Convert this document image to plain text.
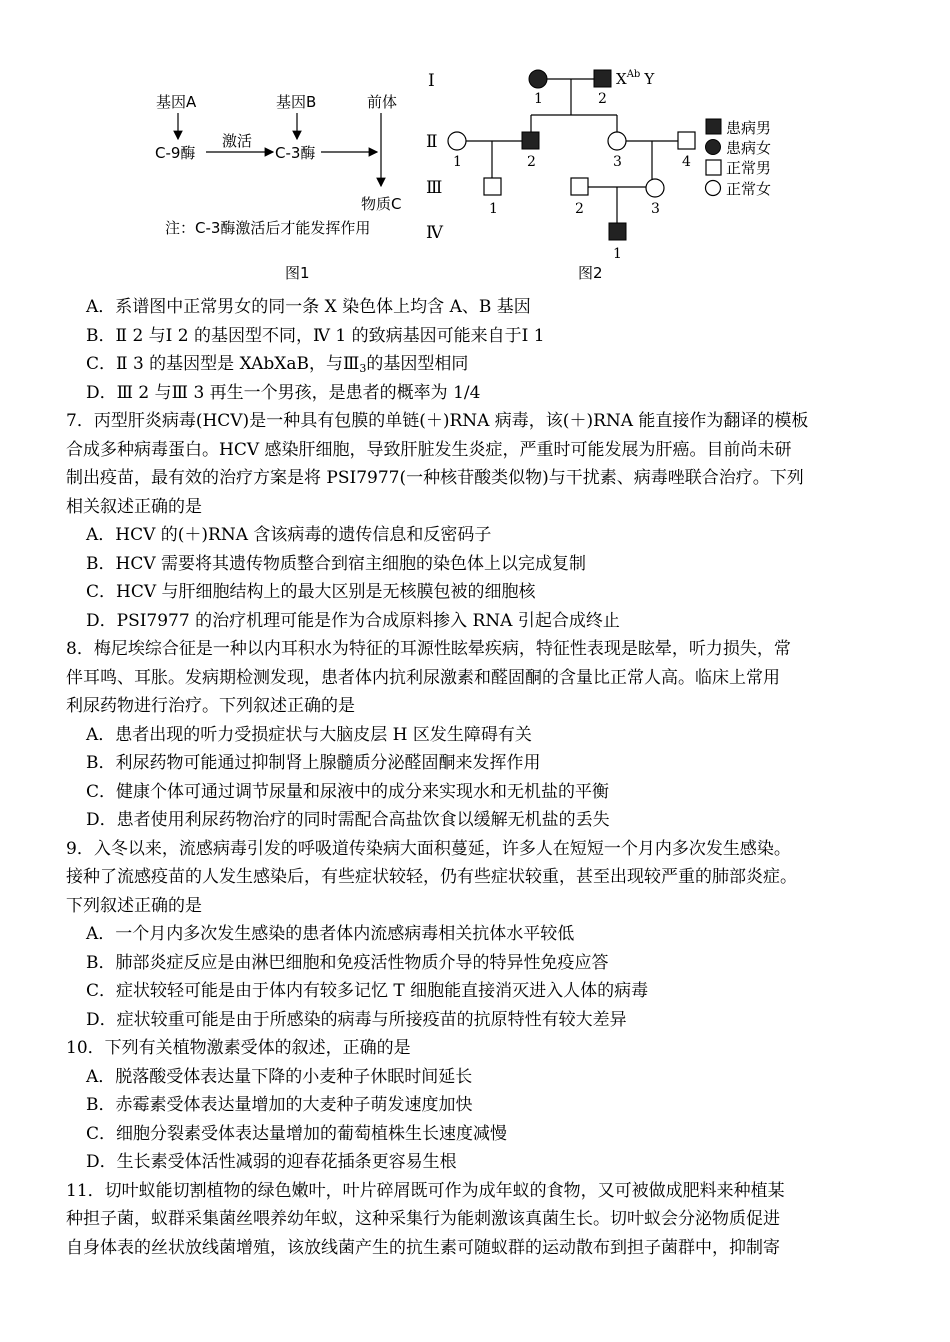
基因A	基因B	前体
C-9酶
激活
C-3酶
物质C
注：C-3酶激活后才能发挥作用
图1
Ⅰ
Ⅱ
Ⅲ
Ⅳ
1	2
$X^{Ab}$ Y
1	2	3	4
1	2	3
1
患病男
患病女
正常男
正常女
图2
A．系谱图中正常男女的同一条 X 染色体上均含 A、B 基因
B．Ⅱ 2 与Ⅰ 2 的基因型不同，Ⅳ 1 的致病基因可能来自于Ⅰ 1
C．Ⅱ 3 的基因型是 XAbXaB，与$Ⅲ_3$的基因型相同
D．Ⅲ 2 与Ⅲ 3 再生一个男孩，是患者的概率为 1/4
7．丙型肝炎病毒(HCV)是一种具有包膜的单链(＋)RNA 病毒，该(＋)RNA 能直接作为翻译的模板
合成多种病毒蛋白。HCV 感染肝细胞，导致肝脏发生炎症，严重时可能发展为肝癌。目前尚未研
制出疫苗，最有效的治疗方案是将 PSI7977(一种核苷酸类似物)与干扰素、病毒唑联合治疗。下列
相关叙述正确的是
A．HCV 的(＋)RNA 含该病毒的遗传信息和反密码子
B．HCV 需要将其遗传物质整合到宿主细胞的染色体上以完成复制
C．HCV 与肝细胞结构上的最大区别是无核膜包被的细胞核
D．PSI7977 的治疗机理可能是作为合成原料掺入 RNA 引起合成终止
8．梅尼埃综合征是一种以内耳积水为特征的耳源性眩晕疾病，特征性表现是眩晕，听力损失，常
伴耳鸣、耳胀。发病期检测发现，患者体内抗利尿激素和醛固酮的含量比正常人高。临床上常用
利尿药物进行治疗。下列叙述正确的是
A．患者出现的听力受损症状与大脑皮层 H 区发生障碍有关
B．利尿药物可能通过抑制肾上腺髓质分泌醛固酮来发挥作用
C．健康个体可通过调节尿量和尿液中的成分来实现水和无机盐的平衡
D．患者使用利尿药物治疗的同时需配合高盐饮食以缓解无机盐的丢失
9．入冬以来，流感病毒引发的呼吸道传染病大面积蔓延，许多人在短短一个月内多次发生感染。
接种了流感疫苗的人发生感染后，有些症状较轻，仍有些症状较重，甚至出现较严重的肺部炎症。
下列叙述正确的是
A．一个月内多次发生感染的患者体内流感病毒相关抗体水平较低
B．肺部炎症反应是由淋巴细胞和免疫活性物质介导的特异性免疫应答
C．症状较轻可能是由于体内有较多记忆 T 细胞能直接消灭进入人体的病毒
D．症状较重可能是由于所感染的病毒与所接疫苗的抗原特性有较大差异
10．下列有关植物激素受体的叙述，正确的是
A．脱落酸受体表达量下降的小麦种子休眠时间延长
B．赤霉素受体表达量增加的大麦种子萌发速度加快
C．细胞分裂素受体表达量增加的葡萄植株生长速度减慢
D．生长素受体活性减弱的迎春花插条更容易生根
11．切叶蚁能切割植物的绿色嫩叶，叶片碎屑既可作为成年蚁的食物，又可被做成肥料来种植某
种担子菌，蚁群采集菌丝喂养幼年蚁，这种采集行为能刺激该真菌生长。切叶蚁会分泌物质促进
自身体表的丝状放线菌增殖，该放线菌产生的抗生素可随蚁群的运动散布到担子菌群中，抑制寄
